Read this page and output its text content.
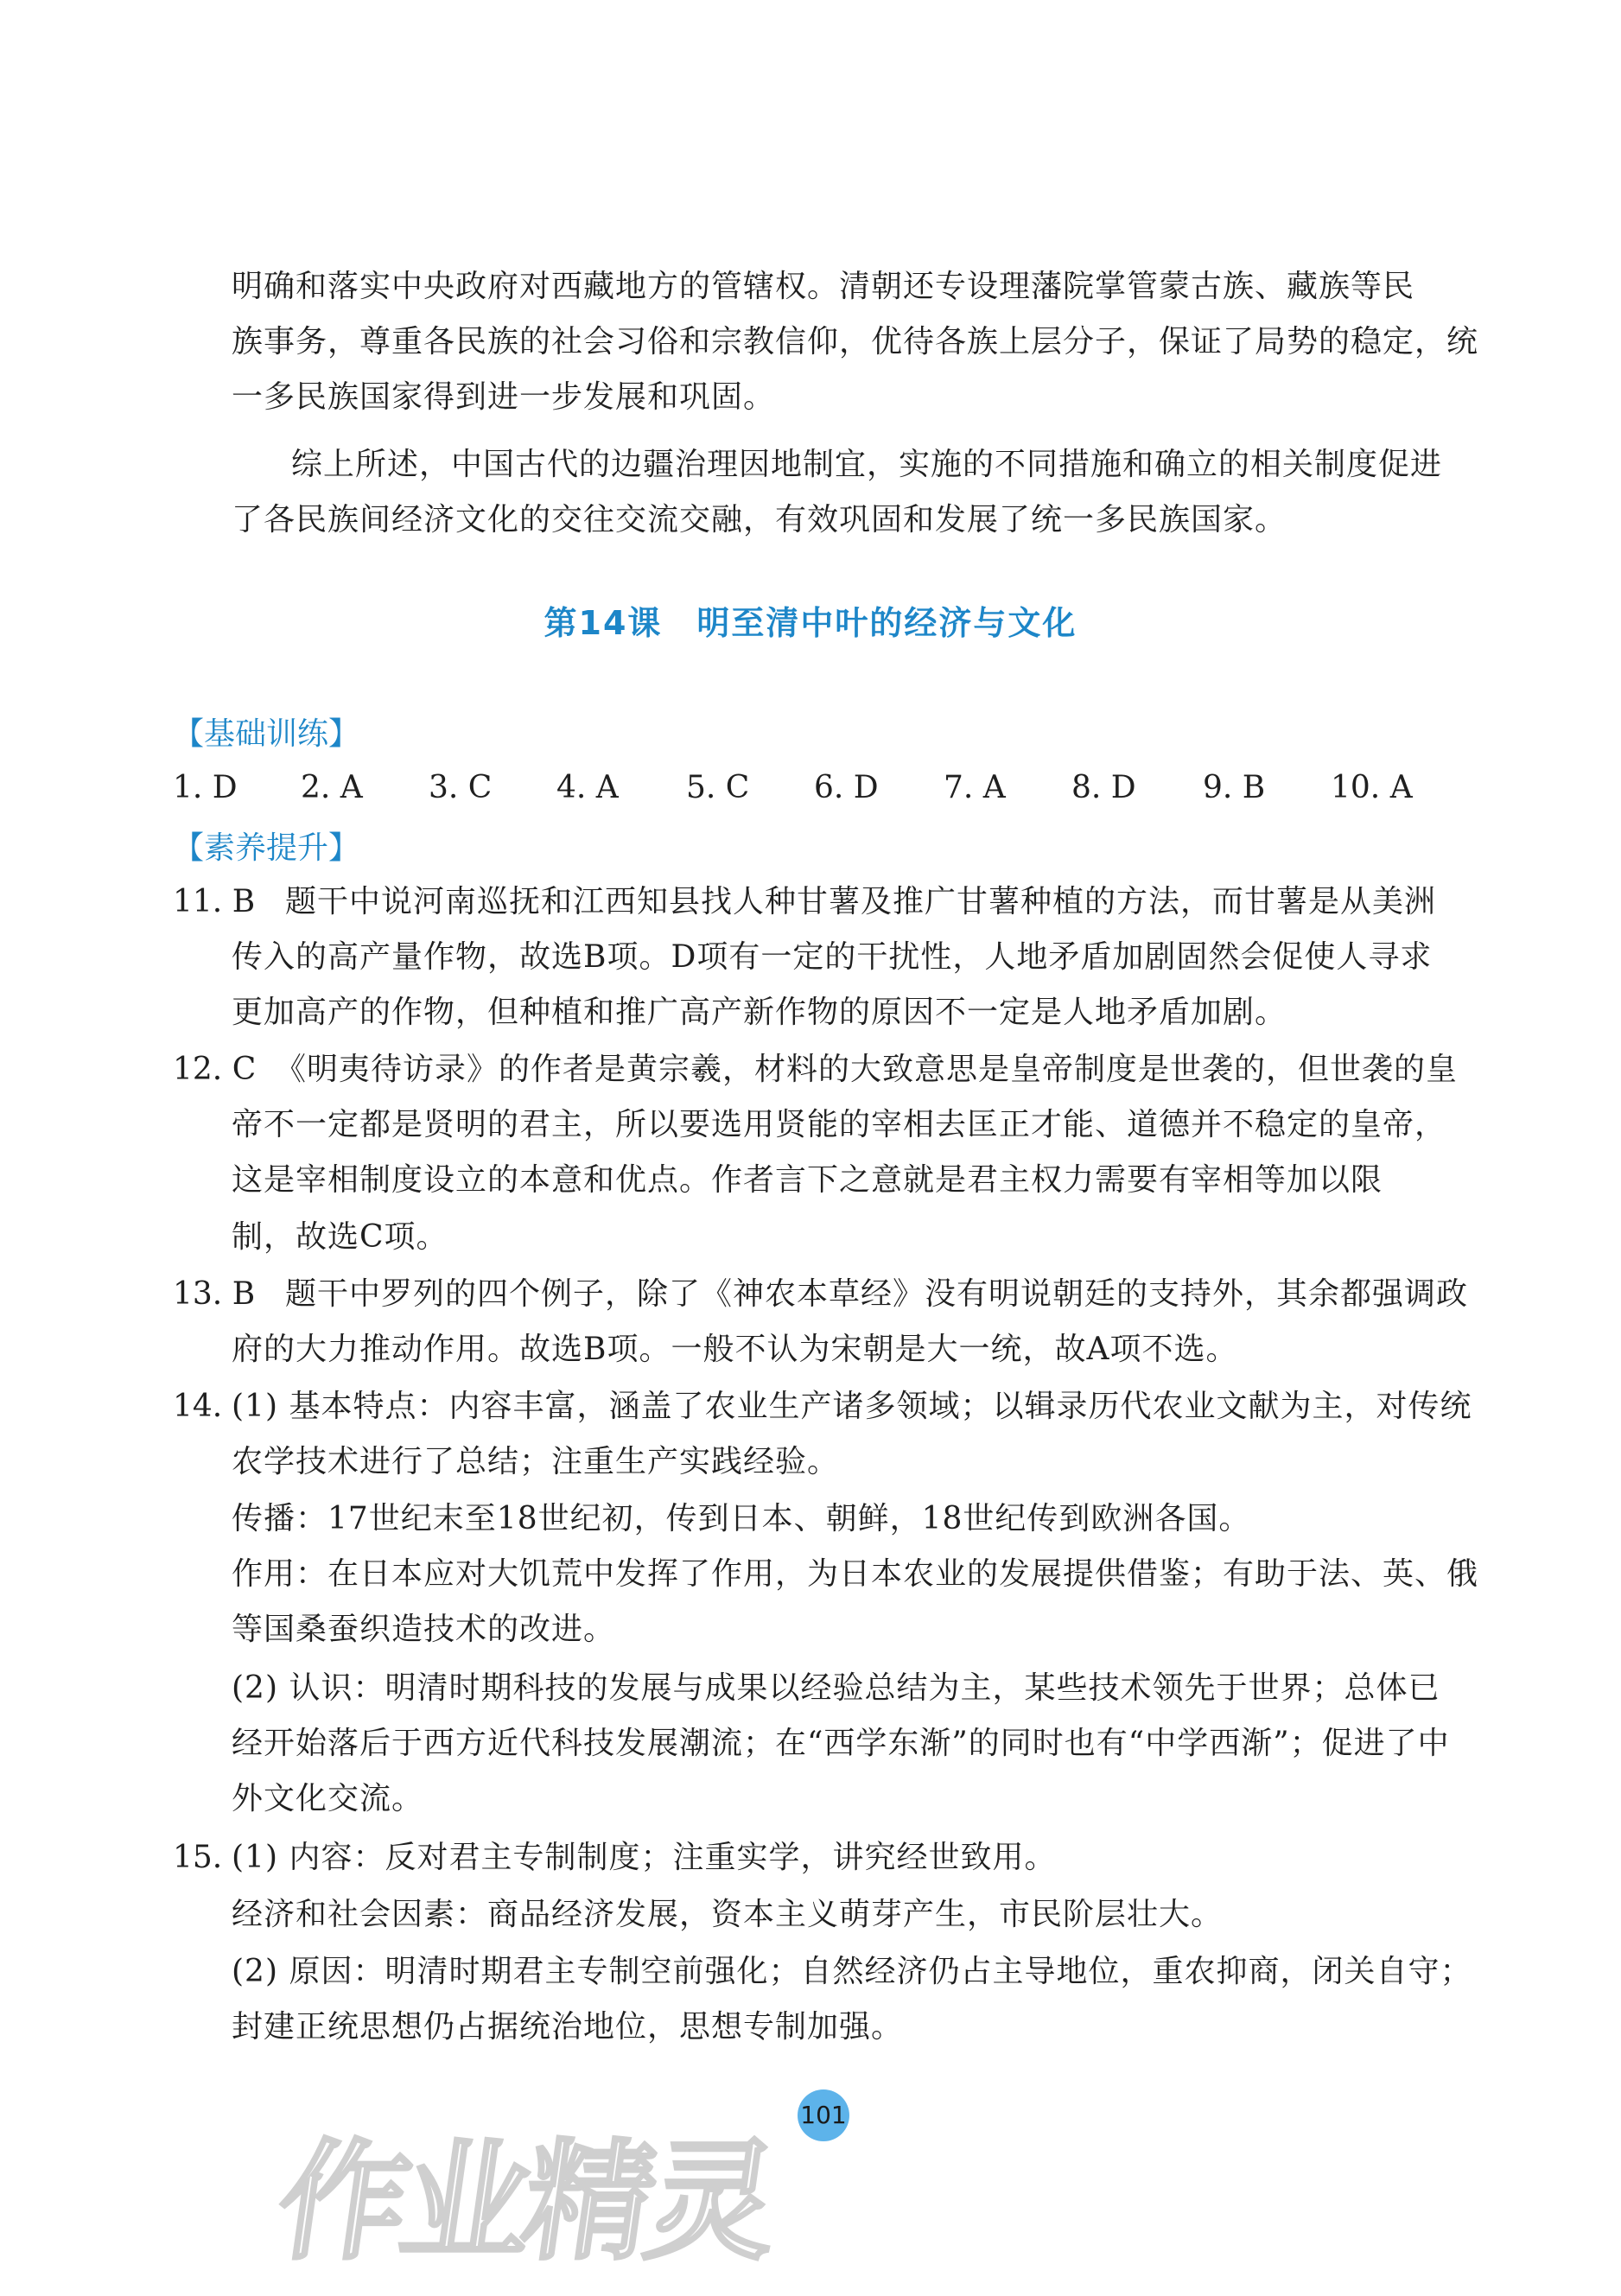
明确和落实中央政府对西藏地方的管辖权。清朝还专设理藩院掌管蒙古族、藏族等民
族事务，尊重各民族的社会习俗和宗教信仰，优待各族上层分子，保证了局势的稳定，统
一多民族国家得到进一步发展和巩固。
　综上所述，中国古代的边疆治理因地制宜，实施的不同措施和确立的相关制度促进
了各民族间经济文化的交往交流交融，有效巩固和发展了统一多民族国家。
第14课　明至清中叶的经济与文化
【基础训练】
1. D 2. A 3. C 4. A 5. C 6. D 7. A 8. D 9. B 10. A
【素养提升】
11. B 题干中说河南巡抚和江西知县找人种甘薯及推广甘薯种植的方法，而甘薯是从美洲
传入的高产量作物，故选B项。D项有一定的干扰性，人地矛盾加剧固然会促使人寻求
更加高产的作物，但种植和推广高产新作物的原因不一定是人地矛盾加剧。
12. C 《明夷待访录》的作者是黄宗羲，材料的大致意思是皇帝制度是世袭的，但世袭的皇
帝不一定都是贤明的君主，所以要选用贤能的宰相去匡正才能、道德并不稳定的皇帝，
这是宰相制度设立的本意和优点。作者言下之意就是君主权力需要有宰相等加以限
制，故选C项。
13. B 题干中罗列的四个例子，除了《神农本草经》没有明说朝廷的支持外，其余都强调政
府的大力推动作用。故选B项。一般不认为宋朝是大一统，故A项不选。
14. (1) 基本特点：内容丰富，涵盖了农业生产诸多领域；以辑录历代农业文献为主，对传统
农学技术进行了总结；注重生产实践经验。
传播：17世纪末至18世纪初，传到日本、朝鲜，18世纪传到欧洲各国。
作用：在日本应对大饥荒中发挥了作用，为日本农业的发展提供借鉴；有助于法、英、俄
等国桑蚕织造技术的改进。
(2) 认识：明清时期科技的发展与成果以经验总结为主，某些技术领先于世界；总体已
经开始落后于西方近代科技发展潮流；在“西学东渐”的同时也有“中学西渐”；促进了中
外文化交流。
15. (1) 内容：反对君主专制制度；注重实学，讲究经世致用。
经济和社会因素：商品经济发展，资本主义萌芽产生，市民阶层壮大。
(2) 原因：明清时期君主专制空前强化；自然经济仍占主导地位，重农抑商，闭关自守；
封建正统思想仍占据统治地位，思想专制加强。
101
作业精灵
